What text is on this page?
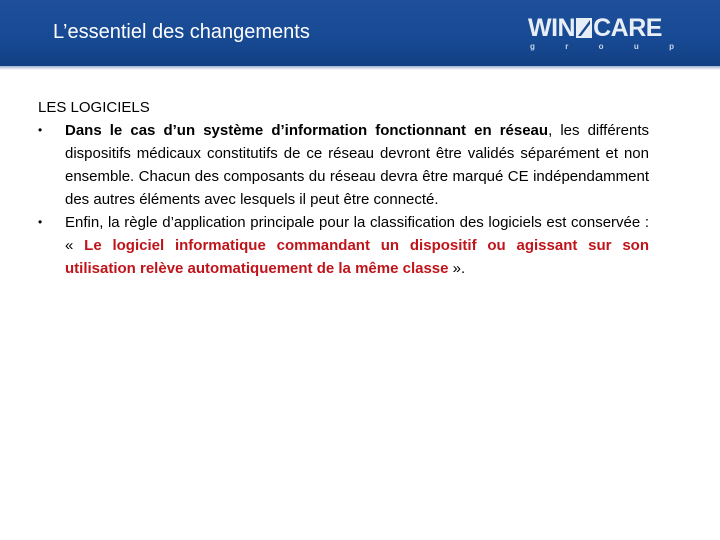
L’essentiel des changements	WIN CARE
g	r	o	u	p
LES LOGICIELS
• Dans le cas d’un système d’information fonctionnant en réseau, les différents dispositifs médicaux constitutifs de ce réseau devront être validés séparément et non ensemble. Chacun des composants du réseau devra être marqué CE indépendamment des autres éléments avec lesquels il peut être connecté.
• Enfin, la règle d’application principale pour la classification des logiciels est conservée : « Le logiciel informatique commandant un dispositif ou agissant sur son utilisation relève automatiquement de la même classe ».
